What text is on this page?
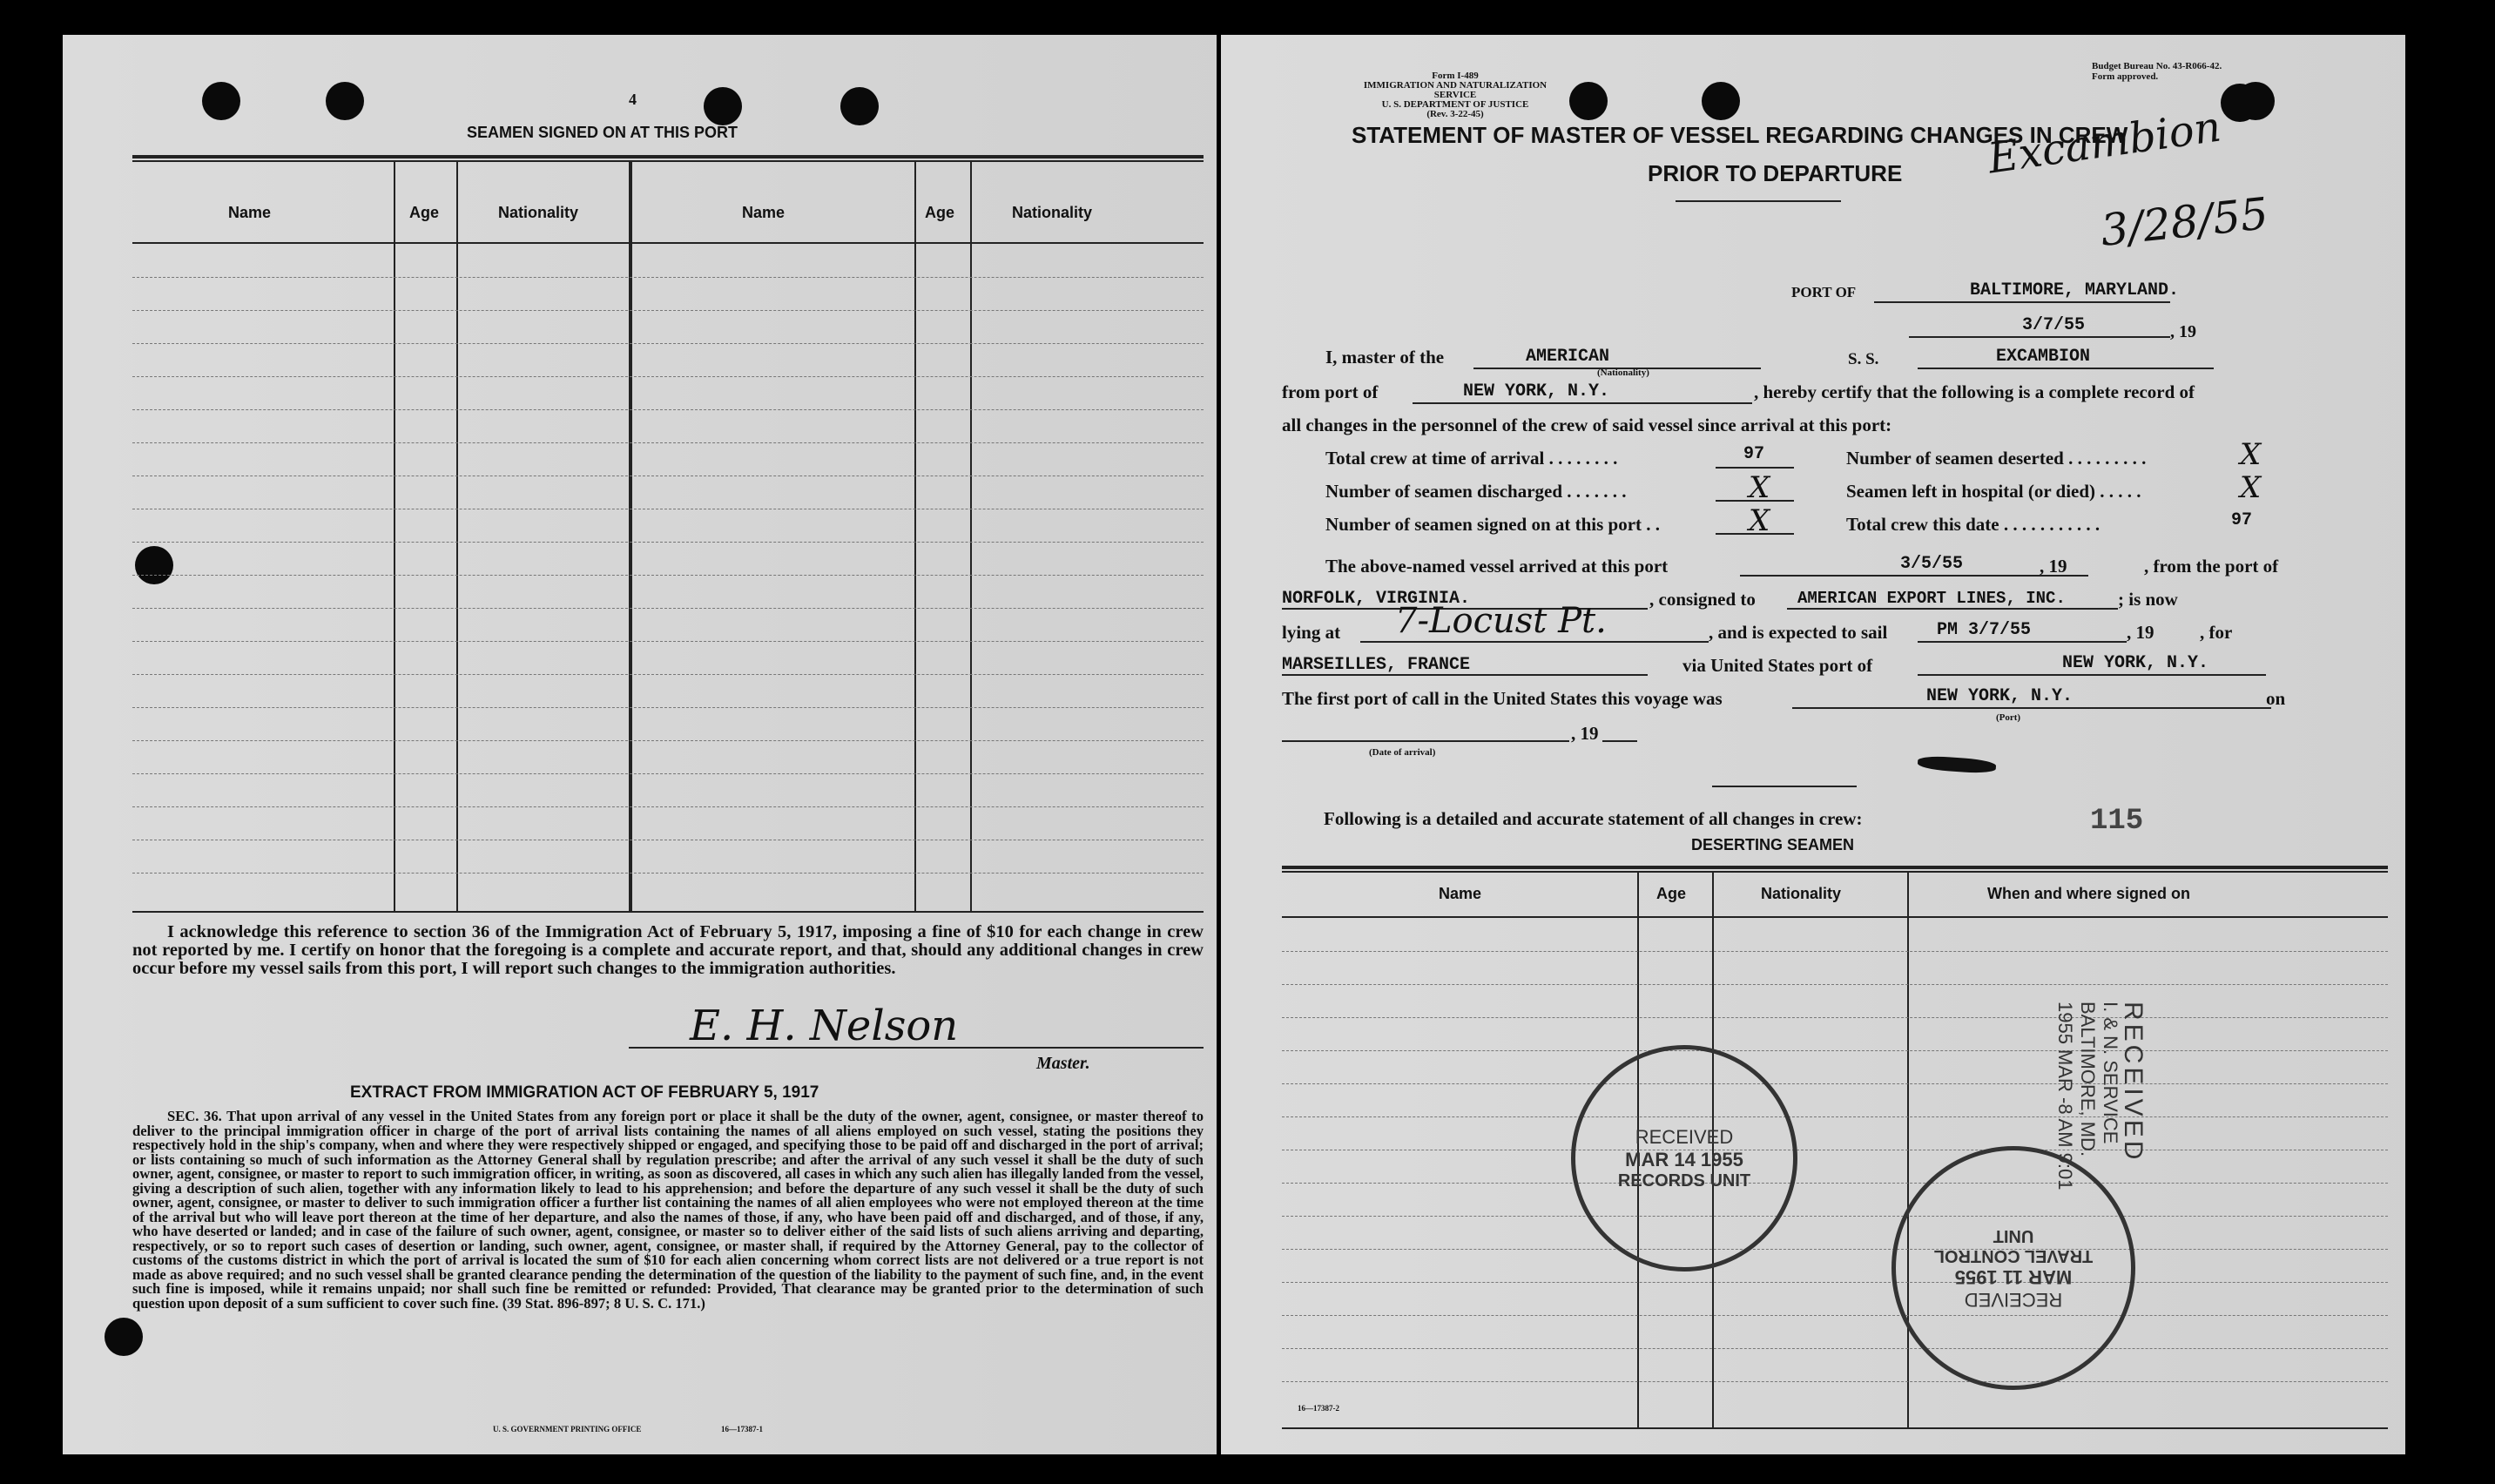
4
SEAMEN SIGNED ON AT THIS PORT
Name	Age	Nationality	Name	Age	Nationality

I acknowledge this reference to section 36 of the Immigration Act of February 5, 1917, imposing a fine of $10 for each change in crew not reported by me. I certify on honor that the foregoing is a complete and accurate report, and that, should any additional changes in crew occur before my vessel sails from this port, I will report such changes to the immigration authorities.

E. H. Nelson
Master.
EXTRACT FROM IMMIGRATION ACT OF FEBRUARY 5, 1917

SEC. 36. That upon arrival of any vessel in the United States from any foreign port or place it shall be the duty of the owner, agent, consignee, or master thereof to deliver to the principal immigration officer in charge of the port of arrival lists containing the names of all aliens employed on such vessel, stating the positions they respectively hold in the ship's company, when and where they were respectively shipped or engaged, and specifying those to be paid off and discharged in the port of arrival; or lists containing so much of such information as the Attorney General shall by regulation prescribe; and after the arrival of any such vessel it shall be the duty of such owner, agent, consignee, or master to report to such immigration officer, in writing, as soon as discovered, all cases in which any such alien has illegally landed from the vessel, giving a description of such alien, together with any information likely to lead to his apprehension; and before the departure of any such vessel it shall be the duty of such owner, agent, consignee, or master to deliver to such immigration officer a further list containing the names of all alien employees who were not employed thereon at the time of the arrival but who will leave port thereon at the time of her departure, and also the names of those, if any, who have been paid off and discharged, and of those, if any, who have deserted or landed; and in case of the failure of such owner, agent, consignee, or master so to deliver either of the said lists of such aliens arriving and departing, respectively, or so to report such cases of desertion or landing, such owner, agent, consignee, or master shall, if required by the Attorney General, pay to the collector of customs of the customs district in which the port of arrival is located the sum of $10 for each alien concerning whom correct lists are not delivered or a true report is not made as above required; and no such vessel shall be granted clearance pending the determination of the question of the liability to the payment of such fine, and, in the event such fine is imposed, while it remains unpaid; nor shall such fine be remitted or refunded: Provided, That clearance may be granted prior to the determination of such question upon deposit of a sum sufficient to cover such fine. (39 Stat. 896-897; 8 U. S. C. 171.)

U. S. GOVERNMENT PRINTING OFFICE	16—17387-1
Form I-489
IMMIGRATION AND NATURALIZATION SERVICE
U. S. DEPARTMENT OF JUSTICE
(Rev. 3-22-45)
Budget Bureau No. 43-R066-42.
Form approved.
Excambion
3/28/55
STATEMENT OF MASTER OF VESSEL REGARDING CHANGES IN CREW
PRIOR TO DEPARTURE
PORT OF	BALTIMORE, MARYLAND.
3/7/55	, 19
I, master of the	AMERICAN	S. S.	EXCAMBION
from port of	NEW YORK, N.Y.
(Nationality)
, hereby certify that the following is a complete record of
all changes in the personnel of the crew of said vessel since arrival at this port:
Total crew at time of arrival . . . . . . . .	97	Number of seamen deserted . . . . . . . . .	X
Number of seamen discharged . . . . . . .	X	Seamen left in hospital (or died) . . . . .	X
Number of seamen signed on at this port . .	X	Total crew this date . . . . . . . . . . .	97
The above-named vessel arrived at this port	3/5/55	, 19	, from the port of
NORFOLK, VIRGINIA.	, consigned to	AMERICAN EXPORT LINES, INC.	; is now
lying at 7-Locust Pt.	, and is expected to sail	PM 3/7/55	, 19          , for
MARSEILLES, FRANCE	via United States port of	NEW YORK, N.Y.
The first port of call in the United States this voyage was	NEW YORK, N.Y.	on
(Port)
, 19
(Date of arrival)
Following is a detailed and accurate statement of all changes in crew:	115
DESERTING SEAMEN
Name	Age	Nationality	When and where signed on
RECEIVED
I. & N. SERVICE
BALTIMORE, MD.
1955 MAR -8 AM 9:01
RECEIVED
MAR 14 1955
RECORDS UNIT
RECEIVED
MAR 11 1955
TRAVEL CONTROL
UNIT
16—17387-2
